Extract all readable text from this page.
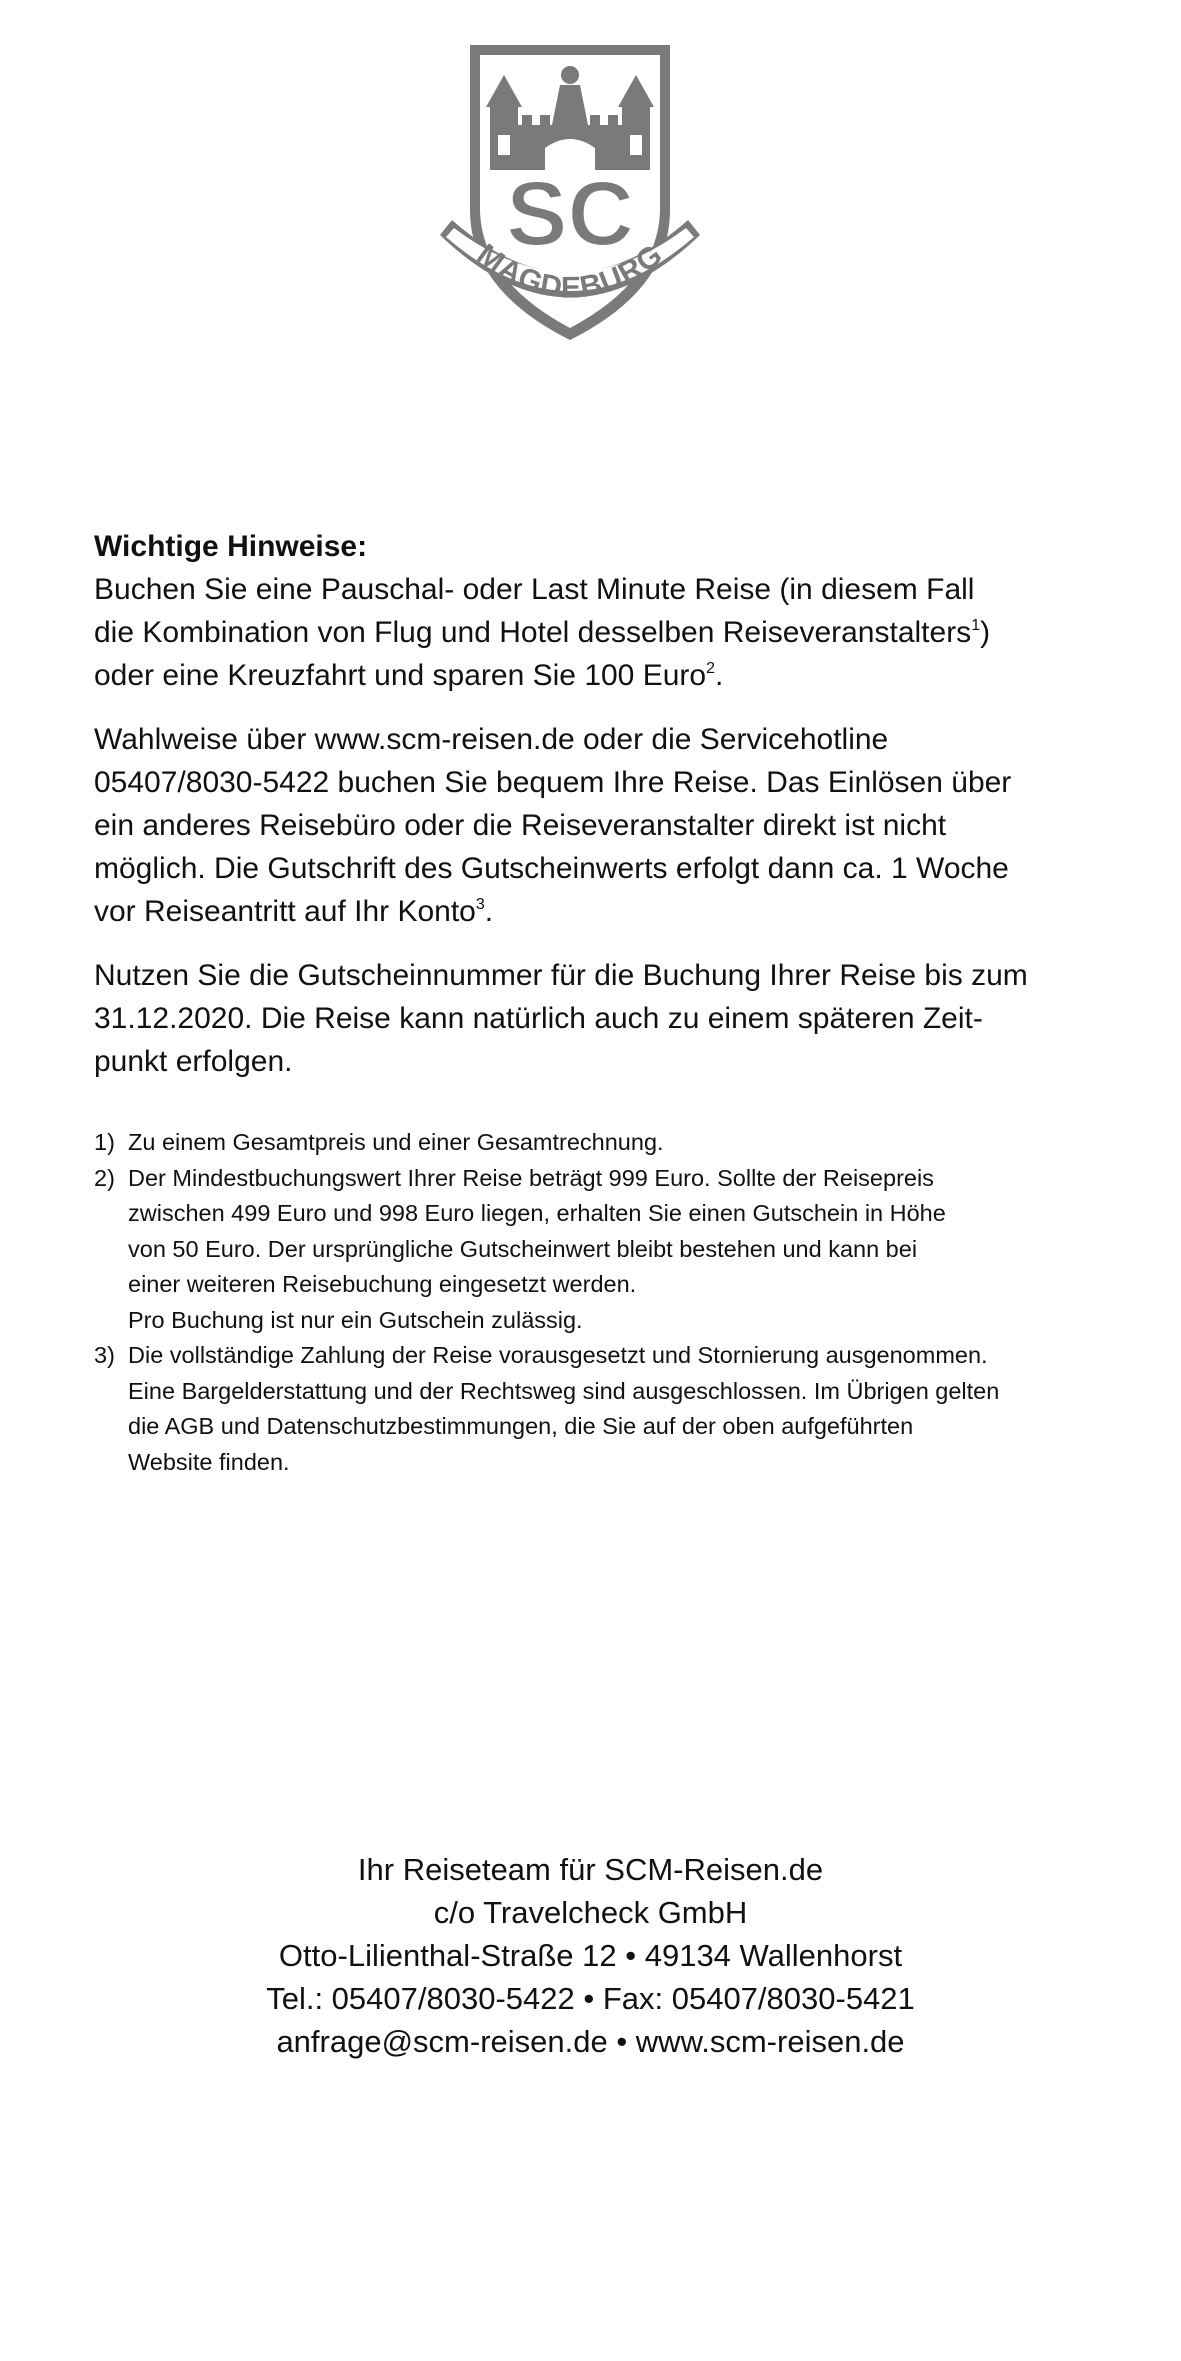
SC
MAGDEBURG

Wichtige Hinweise:

Buchen Sie eine Pauschal- oder Last Minute Reise (in diesem Fall
die Kombination von Flug und Hotel desselben Reiseveranstalters$^1$)
oder eine Kreuzfahrt und sparen Sie 100 Euro$^2$.

Wahlweise über www.scm-reisen.de oder die Servicehotline
05407/8030-5422 buchen Sie bequem Ihre Reise. Das Einlösen über
ein anderes Reisebüro oder die Reiseveranstalter direkt ist nicht
möglich. Die Gutschrift des Gutscheinwerts erfolgt dann ca. 1 Woche
vor Reiseantritt auf Ihr Konto$^3$.

Nutzen Sie die Gutscheinnummer für die Buchung Ihrer Reise bis zum
31.12.2020. Die Reise kann natürlich auch zu einem späteren Zeit-
punkt erfolgen.

1) Zu einem Gesamtpreis und einer Gesamtrechnung.
2) Der Mindestbuchungswert Ihrer Reise beträgt 999 Euro. Sollte der Reisepreis
zwischen 499 Euro und 998 Euro liegen, erhalten Sie einen Gutschein in Höhe
von 50 Euro. Der ursprüngliche Gutscheinwert bleibt bestehen und kann bei
einer weiteren Reisebuchung eingesetzt werden.
Pro Buchung ist nur ein Gutschein zulässig.
3) Die vollständige Zahlung der Reise vorausgesetzt und Stornierung ausgenommen.
Eine Bargelderstattung und der Rechtsweg sind ausgeschlossen. Im Übrigen gelten
die AGB und Datenschutzbestimmungen, die Sie auf der oben aufgeführten
Website finden.
Ihr Reiseteam für SCM-Reisen.de
c/o Travelcheck GmbH
Otto-Lilienthal-Straße 12 • 49134 Wallenhorst
Tel.: 05407/8030-5422 • Fax: 05407/8030-5421
anfrage@scm-reisen.de • www.scm-reisen.de
